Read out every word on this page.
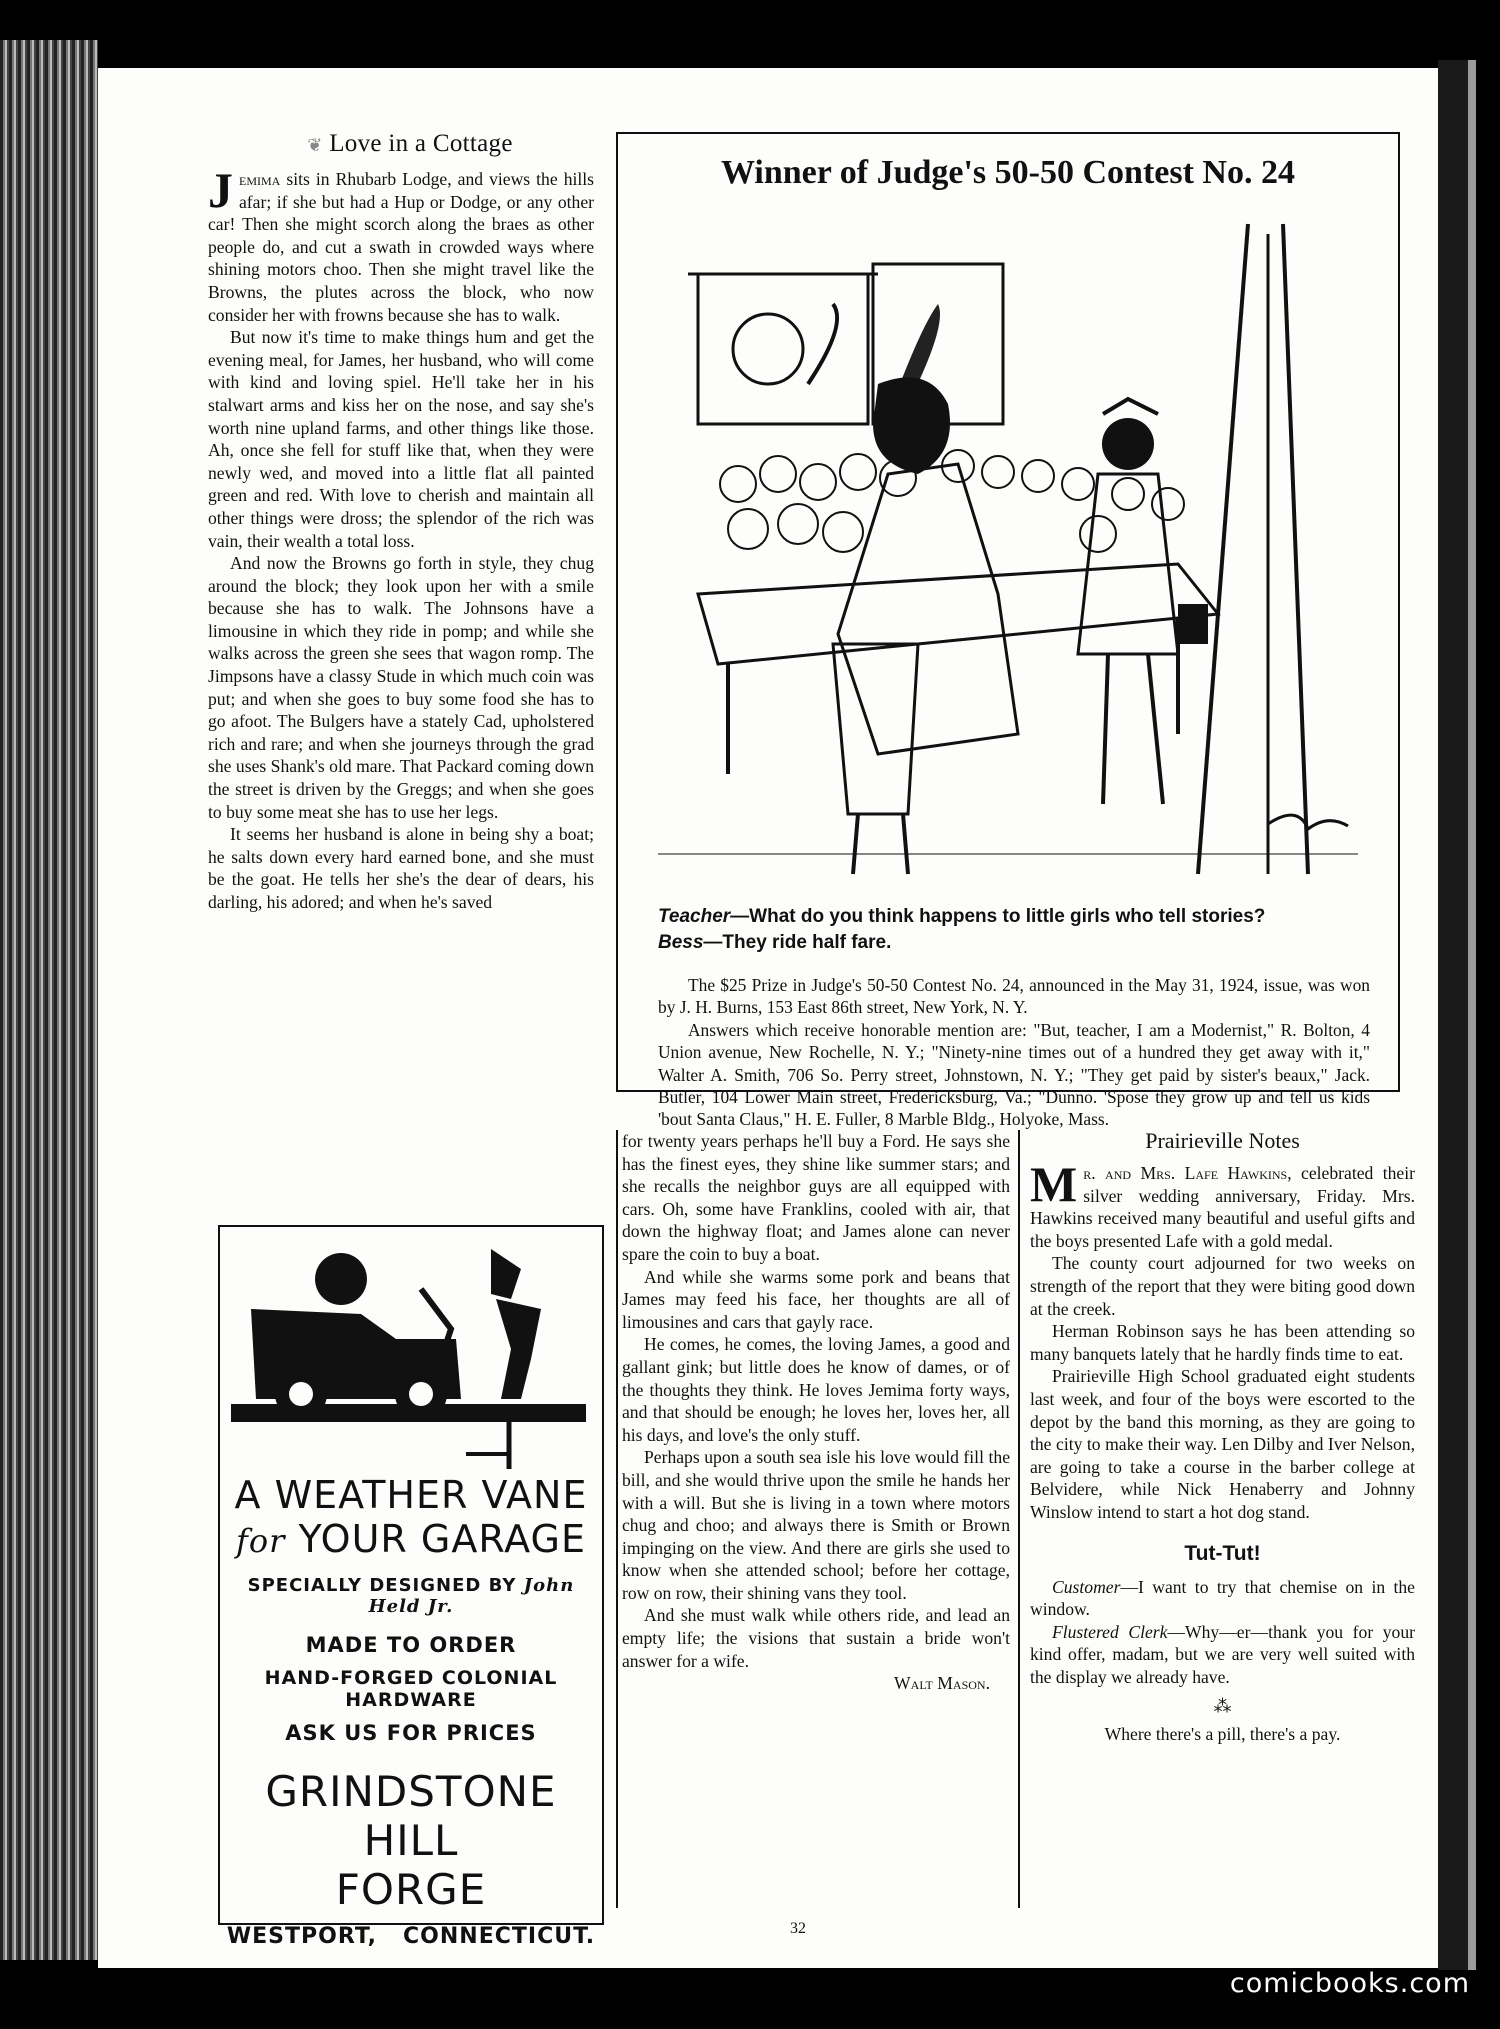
❦ Love in a Cottage

Jemima sits in Rhubarb Lodge, and views the hills afar; if she but had a Hup or Dodge, or any other car! Then she might scorch along the braes as other people do, and cut a swath in crowded ways where shining motors choo. Then she might travel like the Browns, the plutes across the block, who now consider her with frowns because she has to walk.

But now it's time to make things hum and get the evening meal, for James, her husband, who will come with kind and loving spiel. He'll take her in his stalwart arms and kiss her on the nose, and say she's worth nine upland farms, and other things like those. Ah, once she fell for stuff like that, when they were newly wed, and moved into a little flat all painted green and red. With love to cherish and maintain all other things were dross; the splendor of the rich was vain, their wealth a total loss.

And now the Browns go forth in style, they chug around the block; they look upon her with a smile because she has to walk. The Johnsons have a limousine in which they ride in pomp; and while she walks across the green she sees that wagon romp. The Jimpsons have a classy Stude in which much coin was put; and when she goes to buy some food she has to go afoot. The Bulgers have a stately Cad, upholstered rich and rare; and when she journeys through the grad she uses Shank's old mare. That Packard coming down the street is driven by the Greggs; and when she goes to buy some meat she has to use her legs.

It seems her husband is alone in being shy a boat; he salts down every hard earned bone, and she must be the goat. He tells her she's the dear of dears, his darling, his adored; and when he's saved

Winner of Judge's 50-50 Contest No. 24
Teacher—What do you think happens to little girls who tell stories?
Bess—They ride half fare.

The $25 Prize in Judge's 50-50 Contest No. 24, announced in the May 31, 1924, issue, was won by J. H. Burns, 153 East 86th street, New York, N. Y.

Answers which receive honorable mention are: "But, teacher, I am a Modernist," R. Bolton, 4 Union avenue, New Rochelle, N. Y.; "Ninety-nine times out of a hundred they get away with it," Walter A. Smith, 706 So. Perry street, Johnstown, N. Y.; "They get paid by sister's beaux," Jack. Butler, 104 Lower Main street, Fredericksburg, Va.; "Dunno. 'Spose they grow up and tell us kids 'bout Santa Claus," H. E. Fuller, 8 Marble Bldg., Holyoke, Mass.

A WEATHER VANE
for YOUR GARAGE
SPECIALLY DESIGNED BY John Held Jr.
MADE TO ORDER
HAND-FORGED COLONIAL HARDWARE
ASK US FOR PRICES
GRINDSTONE HILL
FORGE
WESTPORT, CONNECTICUT.

for twenty years perhaps he'll buy a Ford. He says she has the finest eyes, they shine like summer stars; and she recalls the neighbor guys are all equipped with cars. Oh, some have Franklins, cooled with air, that down the highway float; and James alone can never spare the coin to buy a boat.

And while she warms some pork and beans that James may feed his face, her thoughts are all of limousines and cars that gayly race.

He comes, he comes, the loving James, a good and gallant gink; but little does he know of dames, or of the thoughts they think. He loves Jemima forty ways, and that should be enough; he loves her, loves her, all his days, and love's the only stuff.

Perhaps upon a south sea isle his love would fill the bill, and she would thrive upon the smile he hands her with a will. But she is living in a town where motors chug and choo; and always there is Smith or Brown impinging on the view. And there are girls she used to know when she attended school; before her cottage, row on row, their shining vans they tool.

And she must walk while others ride, and lead an empty life; the visions that sustain a bride won't answer for a wife.

Walt Mason.
Prairieville Notes

Mr. and Mrs. Lafe Hawkins, celebrated their silver wedding anniversary, Friday. Mrs. Hawkins received many beautiful and useful gifts and the boys presented Lafe with a gold medal.

The county court adjourned for two weeks on strength of the report that they were biting good down at the creek.

Herman Robinson says he has been attending so many banquets lately that he hardly finds time to eat.

Prairieville High School graduated eight students last week, and four of the boys were escorted to the depot by the band this morning, as they are going to the city to make their way. Len Dilby and Iver Nelson, are going to take a course in the barber college at Belvidere, while Nick Henaberry and Johnny Winslow intend to start a hot dog stand.

Tut-Tut!

Customer—I want to try that chemise on in the window.

Flustered Clerk—Why—er—thank you for your kind offer, madam, but we are very well suited with the display we already have.

⁂
Where there's a pill, there's a pay.
32
comicbooks.com
